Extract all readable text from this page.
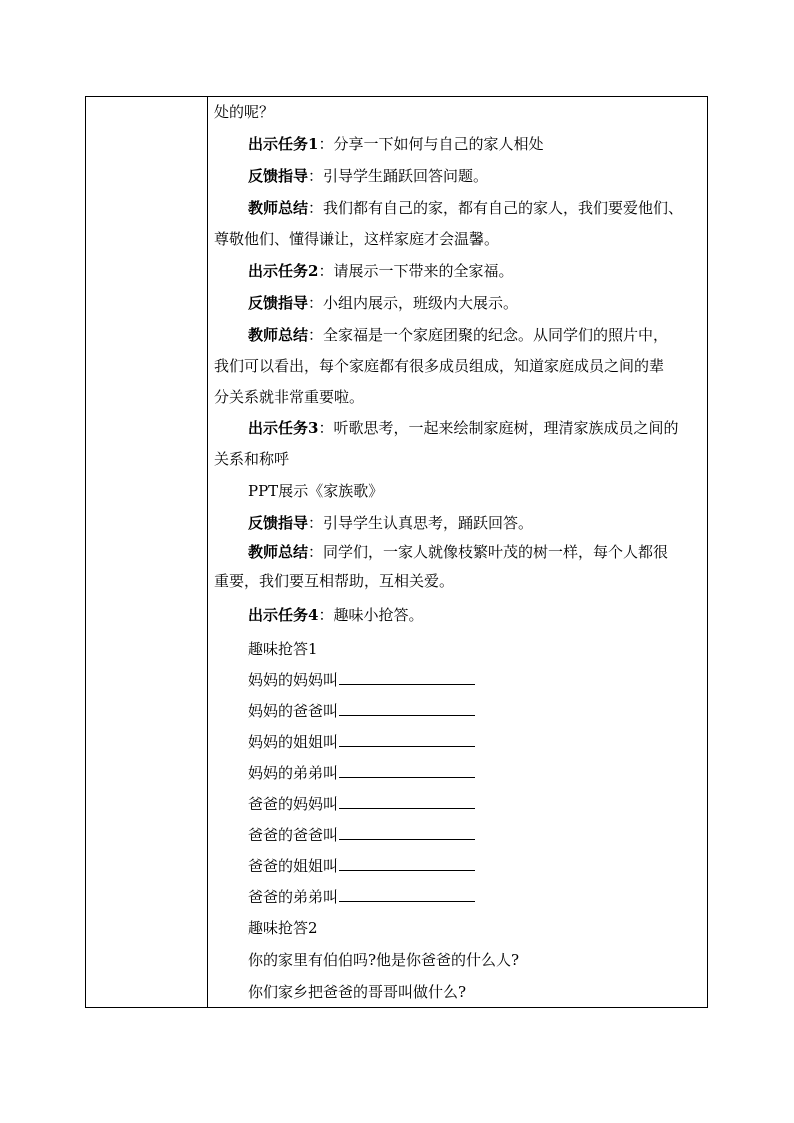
处的呢？
出示任务1：分享一下如何与自己的家人相处
反馈指导：引导学生踊跃回答问题。
教师总结：我们都有自己的家，都有自己的家人，我们要爱他们、
尊敬他们、懂得谦让，这样家庭才会温馨。
出示任务2：请展示一下带来的全家福。
反馈指导：小组内展示，班级内大展示。
教师总结：全家福是一个家庭团聚的纪念。从同学们的照片中，
我们可以看出，每个家庭都有很多成员组成，知道家庭成员之间的辈
分关系就非常重要啦。
出示任务3：听歌思考，一起来绘制家庭树，理清家族成员之间的
关系和称呼
PPT展示《家族歌》
反馈指导：引导学生认真思考，踊跃回答。
教师总结：同学们，一家人就像枝繁叶茂的树一样，每个人都很
重要，我们要互相帮助，互相关爱。
出示任务4：趣味小抢答。
趣味抢答1
妈妈的妈妈叫
妈妈的爸爸叫
妈妈的姐姐叫
妈妈的弟弟叫
爸爸的妈妈叫
爸爸的爸爸叫
爸爸的姐姐叫
爸爸的弟弟叫
趣味抢答2
你的家里有伯伯吗?他是你爸爸的什么人?
你们家乡把爸爸的哥哥叫做什么?
